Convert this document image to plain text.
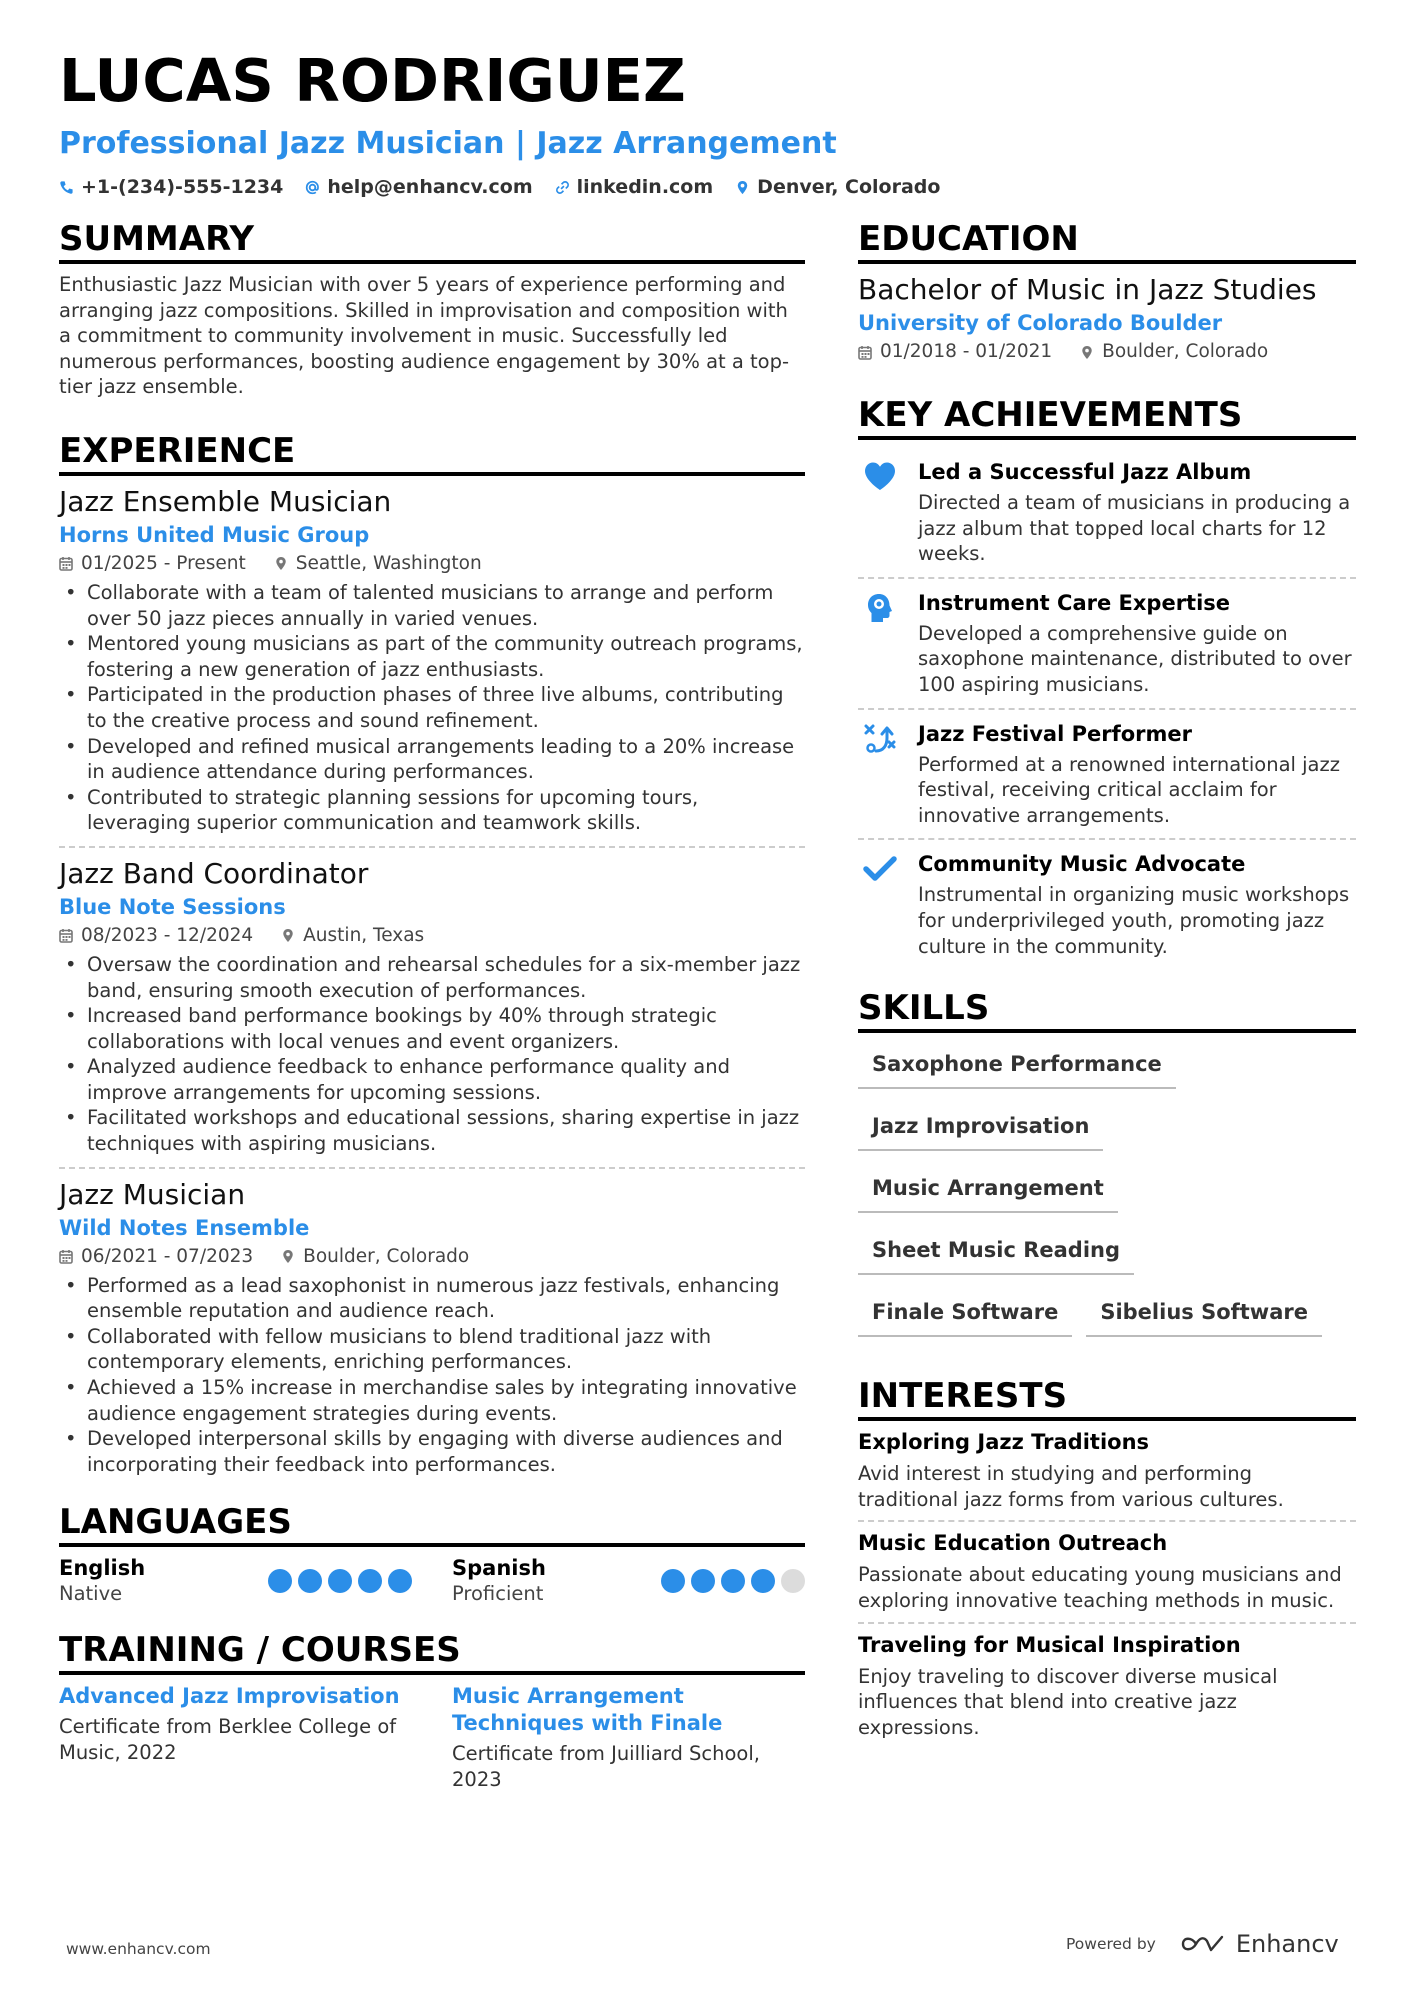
LUCAS RODRIGUEZ
Professional Jazz Musician | Jazz Arrangement
+1-(234)-555-1234 help@enhancv.com linkedin.com Denver, Colorado
SUMMARY
Enthusiastic Jazz Musician with over 5 years of experience performing and arranging jazz compositions. Skilled in improvisation and composition with a commitment to community involvement in music. Successfully led numerous performances, boosting audience engagement by 30% at a top-tier jazz ensemble.
EXPERIENCE
Jazz Ensemble Musician
Horns United Music Group
01/2025 - Present	Seattle, Washington
• Collaborate with a team of talented musicians to arrange and perform over 50 jazz pieces annually in varied venues.
• Mentored young musicians as part of the community outreach programs, fostering a new generation of jazz enthusiasts.
• Participated in the production phases of three live albums, contributing to the creative process and sound refinement.
• Developed and refined musical arrangements leading to a 20% increase in audience attendance during performances.
• Contributed to strategic planning sessions for upcoming tours, leveraging superior communication and teamwork skills.
Jazz Band Coordinator
Blue Note Sessions
08/2023 - 12/2024	Austin, Texas
• Oversaw the coordination and rehearsal schedules for a six-member jazz band, ensuring smooth execution of performances.
• Increased band performance bookings by 40% through strategic collaborations with local venues and event organizers.
• Analyzed audience feedback to enhance performance quality and improve arrangements for upcoming sessions.
• Facilitated workshops and educational sessions, sharing expertise in jazz techniques with aspiring musicians.
Jazz Musician
Wild Notes Ensemble
06/2021 - 07/2023	Boulder, Colorado
• Performed as a lead saxophonist in numerous jazz festivals, enhancing ensemble reputation and audience reach.
• Collaborated with fellow musicians to blend traditional jazz with contemporary elements, enriching performances.
• Achieved a 15% increase in merchandise sales by integrating innovative audience engagement strategies during events.
• Developed interpersonal skills by engaging with diverse audiences and incorporating their feedback into performances.
LANGUAGES
English
Native
Spanish
Proficient
TRAINING / COURSES
Advanced Jazz Improvisation
Certificate from Berklee College of Music, 2022
Music Arrangement Techniques with Finale
Certificate from Juilliard School, 2023
EDUCATION
Bachelor of Music in Jazz Studies
University of Colorado Boulder
01/2018 - 01/2021	Boulder, Colorado
KEY ACHIEVEMENTS
Led a Successful Jazz Album
Directed a team of musicians in producing a jazz album that topped local charts for 12 weeks.
Instrument Care Expertise
Developed a comprehensive guide on saxophone maintenance, distributed to over 100 aspiring musicians.
Jazz Festival Performer
Performed at a renowned international jazz festival, receiving critical acclaim for innovative arrangements.
Community Music Advocate
Instrumental in organizing music workshops for underprivileged youth, promoting jazz culture in the community.
SKILLS
Saxophone Performance
Jazz Improvisation
Music Arrangement
Sheet Music Reading
Finale Software	Sibelius Software
INTERESTS
Exploring Jazz Traditions
Avid interest in studying and performing traditional jazz forms from various cultures.
Music Education Outreach
Passionate about educating young musicians and exploring innovative teaching methods in music.
Traveling for Musical Inspiration
Enjoy traveling to discover diverse musical influences that blend into creative jazz expressions.
www.enhancv.com	Powered by	Enhancv
